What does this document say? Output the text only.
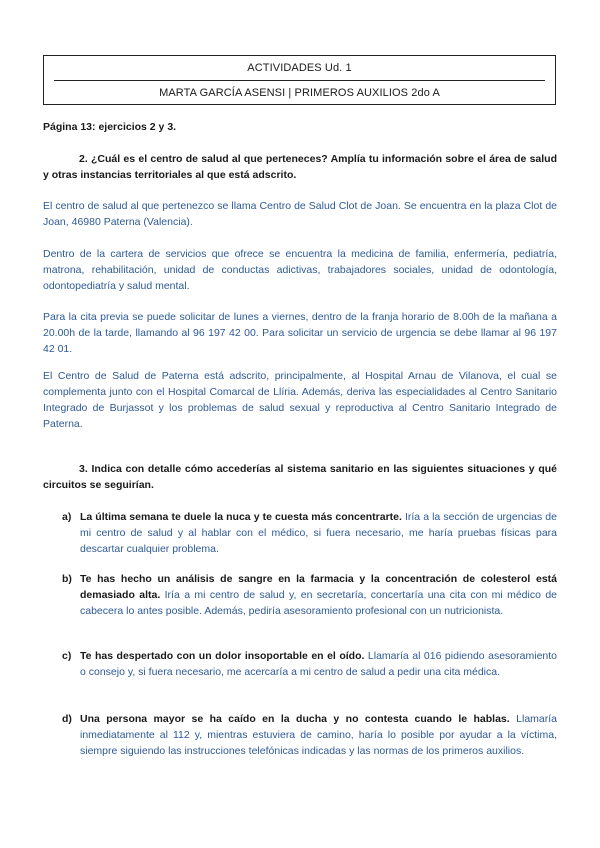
ACTIVIDADES Ud. 1
MARTA GARCÍA ASENSI | PRIMEROS AUXILIOS 2do A
Página 13: ejercicios 2 y 3.
2. ¿Cuál es el centro de salud al que perteneces? Amplía tu información sobre el área de salud y otras instancias territoriales al que está adscrito.
El centro de salud al que pertenezco se llama Centro de Salud Clot de Joan. Se encuentra en la plaza Clot de Joan, 46980 Paterna (Valencia).
Dentro de la cartera de servicios que ofrece se encuentra la medicina de familia, enfermería, pediatría, matrona, rehabilitación, unidad de conductas adictivas, trabajadores sociales, unidad de odontología, odontopediatría y salud mental.
Para la cita previa se puede solicitar de lunes a viernes, dentro de la franja horario de 8.00h de la mañana a 20.00h de la tarde, llamando al 96 197 42 00. Para solicitar un servicio de urgencia se debe llamar al 96 197 42 01.
El Centro de Salud de Paterna está adscrito, principalmente, al Hospital Arnau de Vilanova, el cual se complementa junto con el Hospital Comarcal de Llíria. Además, deriva las especialidades al Centro Sanitario Integrado de Burjassot y los problemas de salud sexual y reproductiva al Centro Sanitario Integrado de Paterna.
3. Indica con detalle cómo accederías al sistema sanitario en las siguientes situaciones y qué circuitos se seguirían.
a) La última semana te duele la nuca y te cuesta más concentrarte. Iría a la sección de urgencias de mi centro de salud y al hablar con el médico, si fuera necesario, me haría pruebas físicas para descartar cualquier problema.
b) Te has hecho un análisis de sangre en la farmacia y la concentración de colesterol está demasiado alta. Iría a mi centro de salud y, en secretaría, concertaría una cita con mi médico de cabecera lo antes posible. Además, pediría asesoramiento profesional con un nutricionista.
c) Te has despertado con un dolor insoportable en el oído. Llamaría al 016 pidiendo asesoramiento o consejo y, si fuera necesario, me acercaría a mi centro de salud a pedir una cita médica.
d) Una persona mayor se ha caído en la ducha y no contesta cuando le hablas. Llamaría inmediatamente al 112 y, mientras estuviera de camino, haría lo posible por ayudar a la víctima, siempre siguiendo las instrucciones telefónicas indicadas y las normas de los primeros auxilios.
